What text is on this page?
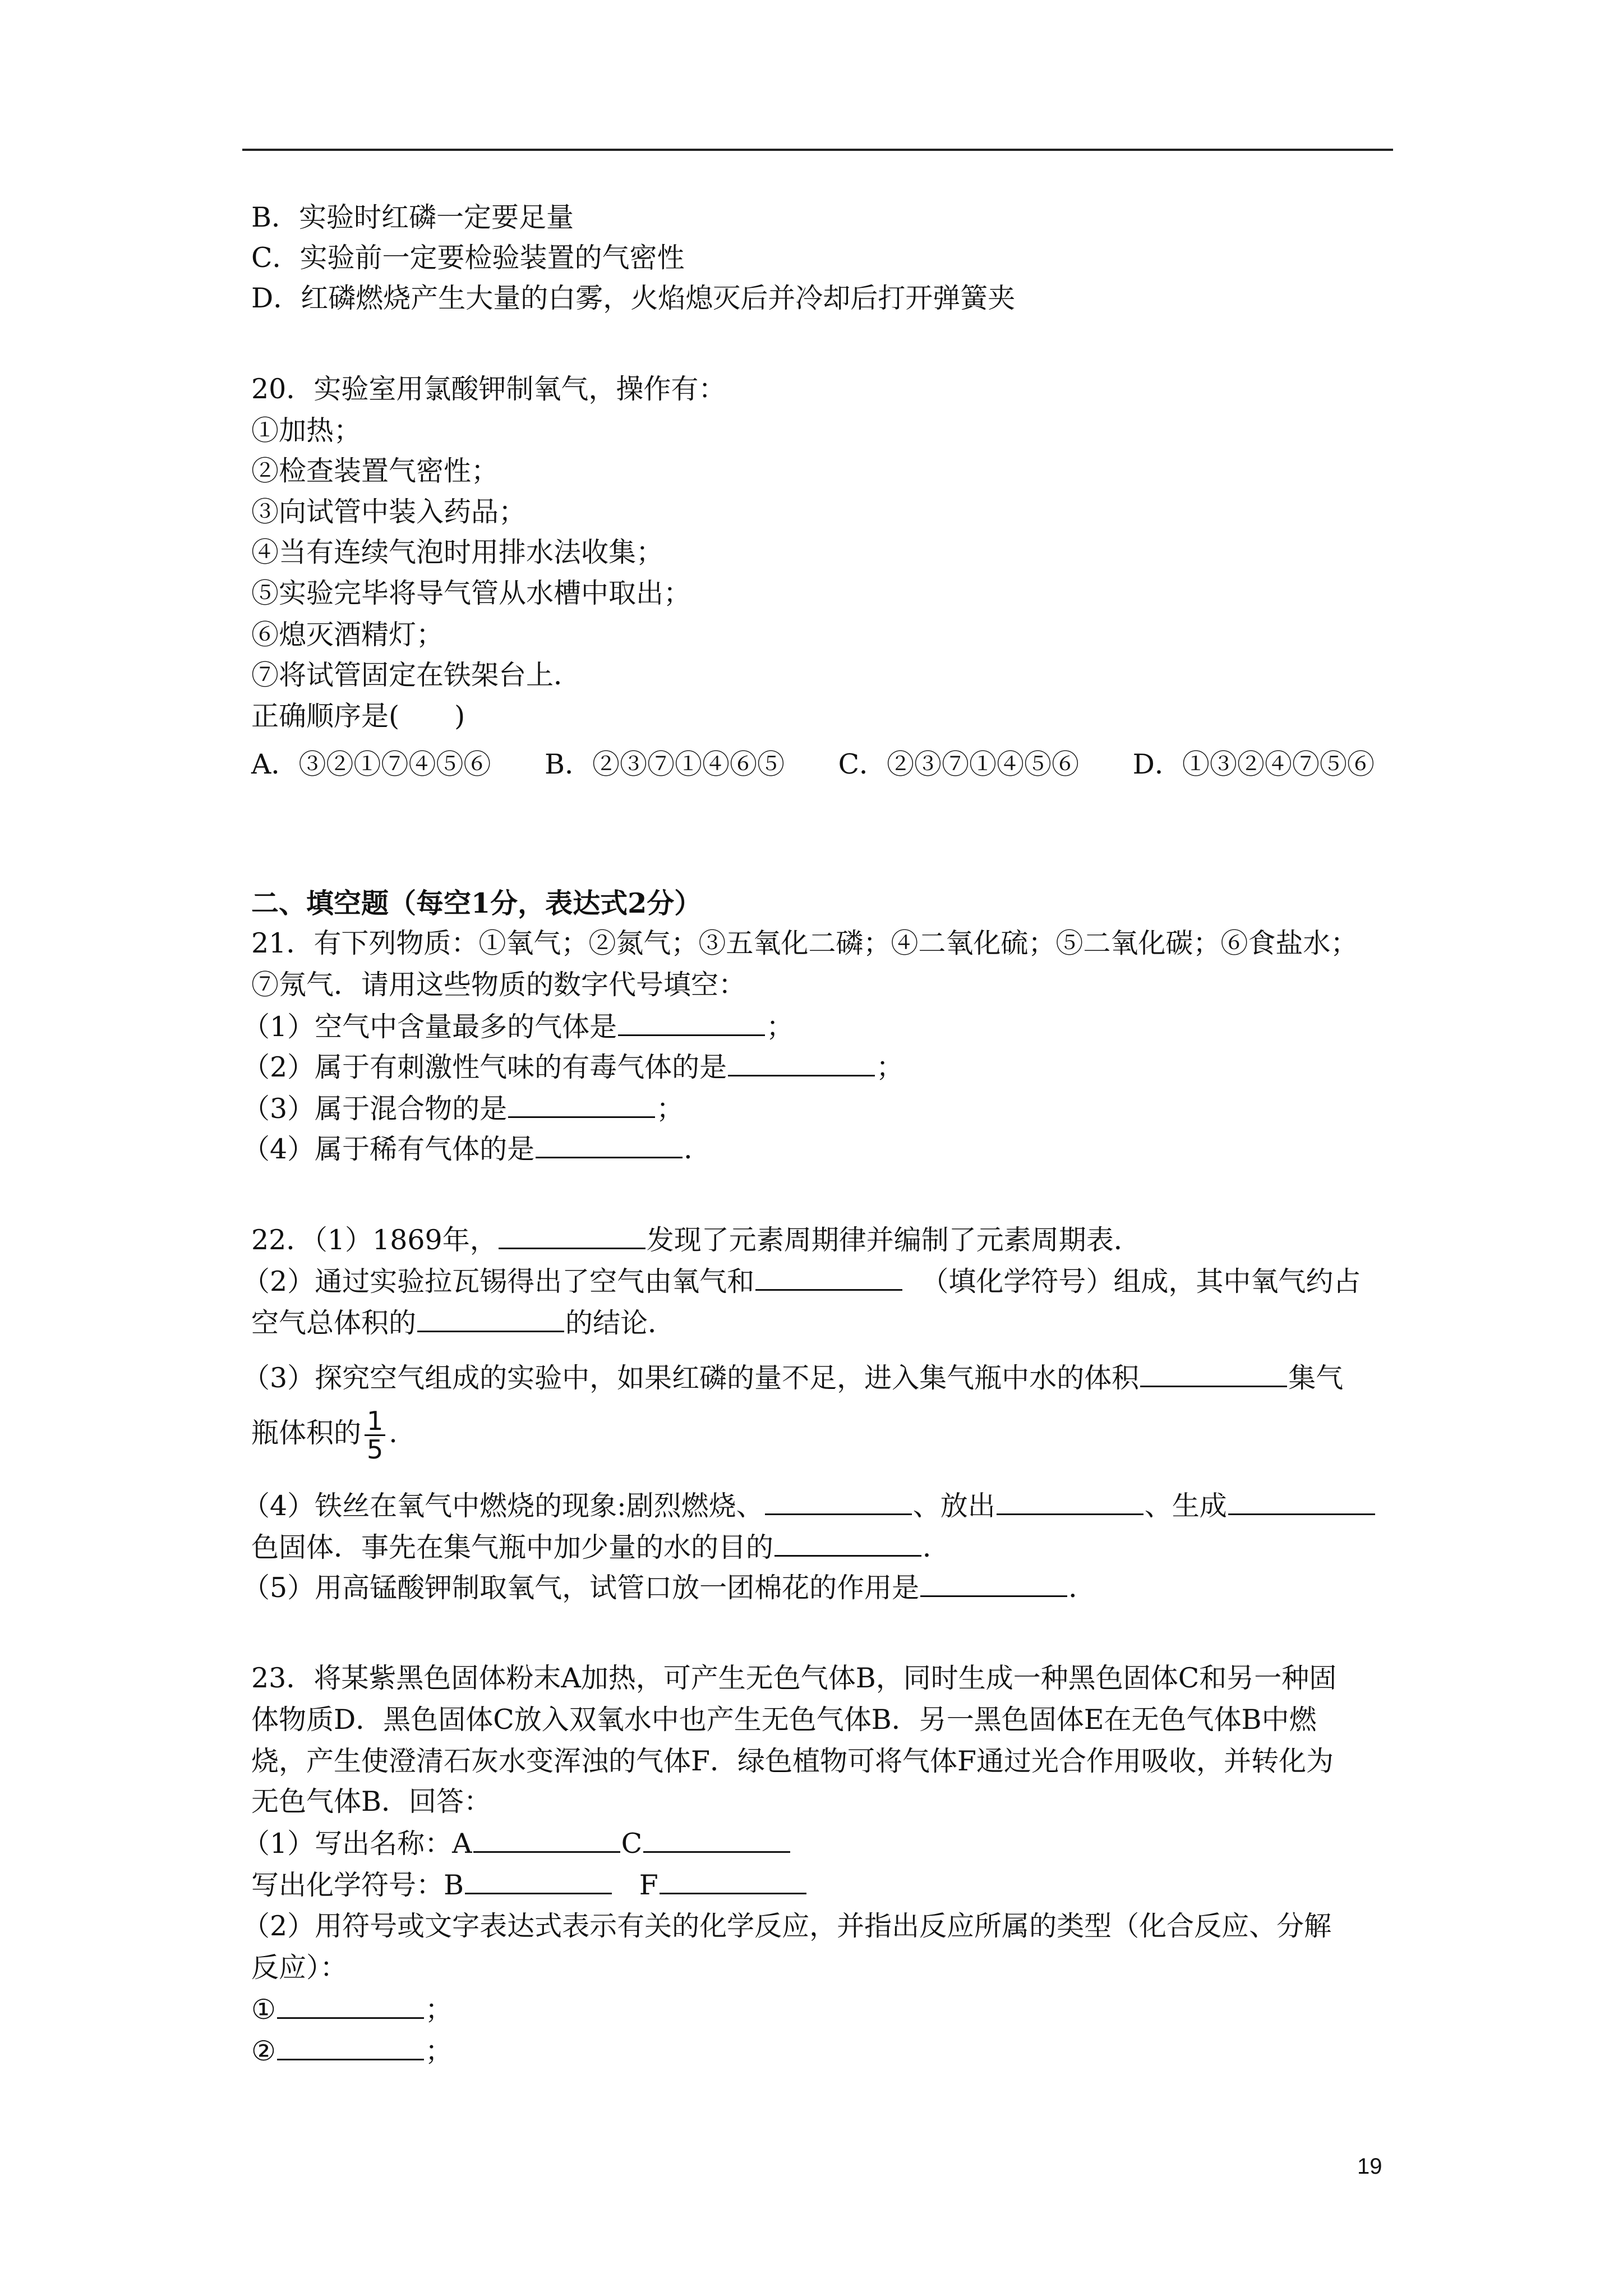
B．实验时红磷一定要足量
C．实验前一定要检验装置的气密性
D．红磷燃烧产生大量的白雾，火焰熄灭后并冷却后打开弹簧夹
20．实验室用氯酸钾制氧气，操作有：
①加热；
②检查装置气密性；
③向试管中装入药品；
④当有连续气泡时用排水法收集；
⑤实验完毕将导气管从水槽中取出；
⑥熄灭酒精灯；
⑦将试管固定在铁架台上．
正确顺序是(　　)
A．③②①⑦④⑤⑥ B．②③⑦①④⑥⑤ C．②③⑦①④⑤⑥ D．①③②④⑦⑤⑥
二、填空题（每空1分，表达式2分）
21．有下列物质：①氧气；②氮气；③五氧化二磷；④二氧化硫；⑤二氧化碳；⑥食盐水；
⑦氖气．请用这些物质的数字代号填空：
（1）空气中含量最多的气体是	；
（2）属于有刺激性气味的有毒气体的是	；
（3）属于混合物的是	；
（4）属于稀有气体的是	．
22．（1）1869年，	发现了元素周期律并编制了元素周期表．
（2）通过实验拉瓦锡得出了空气由氧气和	（填化学符号）组成，其中氧气约占
空气总体积的	的结论．
（3）探究空气组成的实验中，如果红磷的量不足，进入集气瓶中水的体积	集气
瓶体积的 $\frac{1}{5}$ .
（4）铁丝在氧气中燃烧的现象:剧烈燃烧、	、放出	、生成
色固体．事先在集气瓶中加少量的水的目的	．
（5）用高锰酸钾制取氧气，试管口放一团棉花的作用是	．
23．将某紫黑色固体粉末A加热，可产生无色气体B，同时生成一种黑色固体C和另一种固
体物质D．黑色固体C放入双氧水中也产生无色气体B．另一黑色固体E在无色气体B中燃
烧，产生使澄清石灰水变浑浊的气体F．绿色植物可将气体F通过光合作用吸收，并转化为
无色气体B．回答：
（1）写出名称：A	C
写出化学符号：B	F
（2）用符号或文字表达式表示有关的化学反应，并指出反应所属的类型（化合反应、分解
反应）：
①	；
②	；
19
